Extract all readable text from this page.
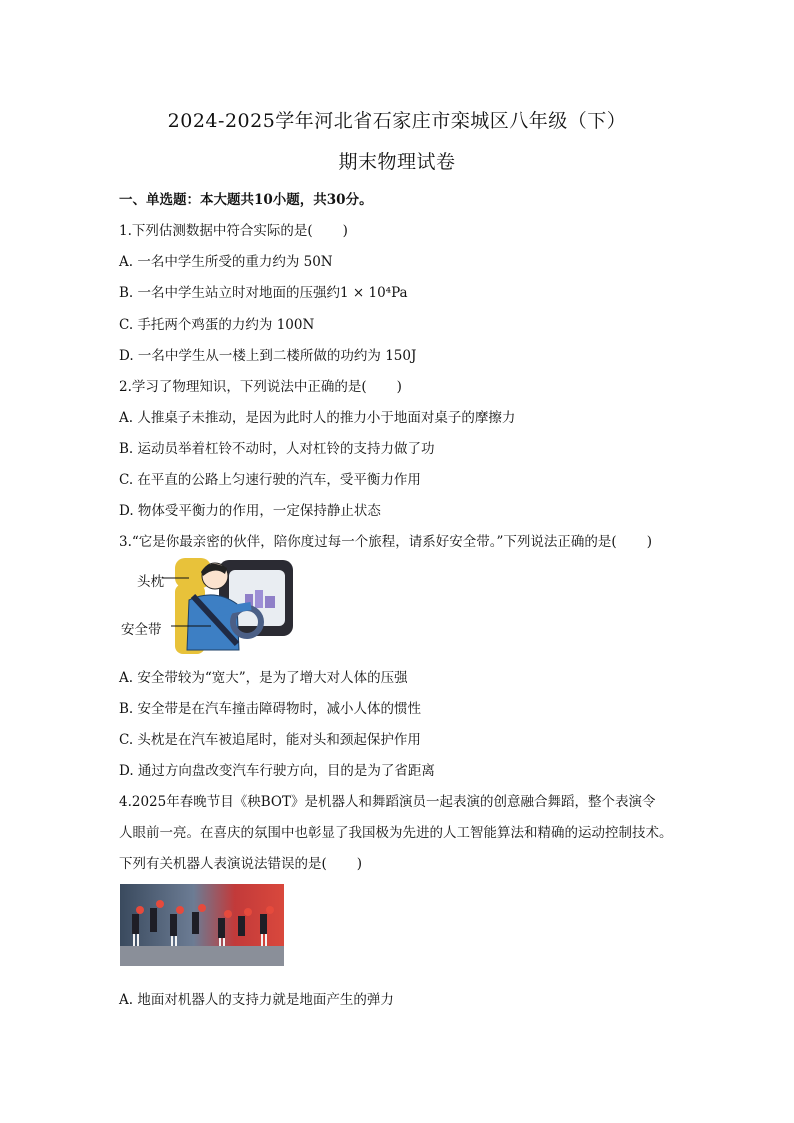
2024-2025学年河北省石家庄市栾城区八年级（下）
期末物理试卷
一、单选题：本大题共10小题，共30分。
1.下列估测数据中符合实际的是( )
A. 一名中学生所受的重力约为 50N
B. 一名中学生站立时对地面的压强约1 × 10⁴Pa
C. 手托两个鸡蛋的力约为 100N
D. 一名中学生从一楼上到二楼所做的功约为 150J
2.学习了物理知识，下列说法中正确的是( )
A. 人推桌子未推动，是因为此时人的推力小于地面对桌子的摩擦力
B. 运动员举着杠铃不动时，人对杠铃的支持力做了功
C. 在平直的公路上匀速行驶的汽车，受平衡力作用
D. 物体受平衡力的作用，一定保持静止状态
3.“它是你最亲密的伙伴，陪你度过每一个旅程，请系好安全带。”下列说法正确的是( )
头枕
安全带
A. 安全带较为“宽大”，是为了增大对人体的压强
B. 安全带是在汽车撞击障碍物时，减小人体的惯性
C. 头枕是在汽车被追尾时，能对头和颈起保护作用
D. 通过方向盘改变汽车行驶方向，目的是为了省距离
4.2025年春晚节目《秧BOT》是机器人和舞蹈演员一起表演的创意融合舞蹈，整个表演令
人眼前一亮。在喜庆的氛围中也彰显了我国极为先进的人工智能算法和精确的运动控制技术。
下列有关机器人表演说法错误的是( )
A. 地面对机器人的支持力就是地面产生的弹力
